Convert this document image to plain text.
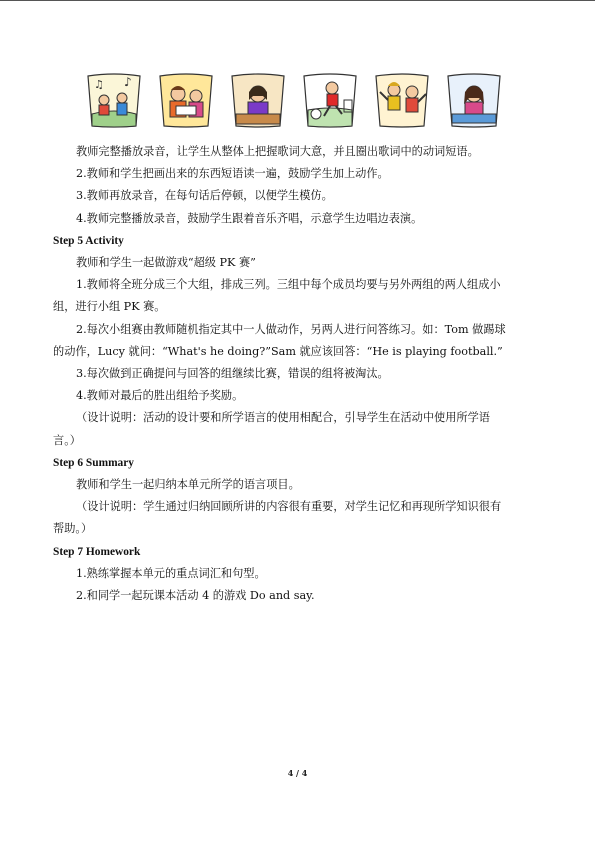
♪
♫

教师完整播放录音，让学生从整体上把握歌词大意，并且圈出歌词中的动词短语。

2.教师和学生把画出来的东西短语读一遍，鼓励学生加上动作。

3.教师再放录音，在每句话后停顿，以便学生模仿。

4.教师完整播放录音，鼓励学生跟着音乐齐唱，示意学生边唱边表演。

Step 5 Activity

教师和学生一起做游戏“超级 PK 赛”

1.教师将全班分成三个大组，排成三列。三组中每个成员均要与另外两组的两人组成小

组，进行小组 PK 赛。

2.每次小组赛由教师随机指定其中一人做动作，另两人进行问答练习。如：Tom 做踢球

的动作，Lucy 就问：“What's he doing?”Sam 就应该回答：“He is playing football.”

3.每次做到正确提问与回答的组继续比赛，错误的组将被淘汰。

4.教师对最后的胜出组给予奖励。

（设计说明：活动的设计要和所学语言的使用相配合，引导学生在活动中使用所学语

言。）

Step 6 Summary

教师和学生一起归纳本单元所学的语言项目。

（设计说明：学生通过归纳回顾所讲的内容很有重要，对学生记忆和再现所学知识很有

帮助。）

Step 7 Homework

1.熟练掌握本单元的重点词汇和句型。

2.和同学一起玩课本活动 4 的游戏 Do and say.

4 / 4
